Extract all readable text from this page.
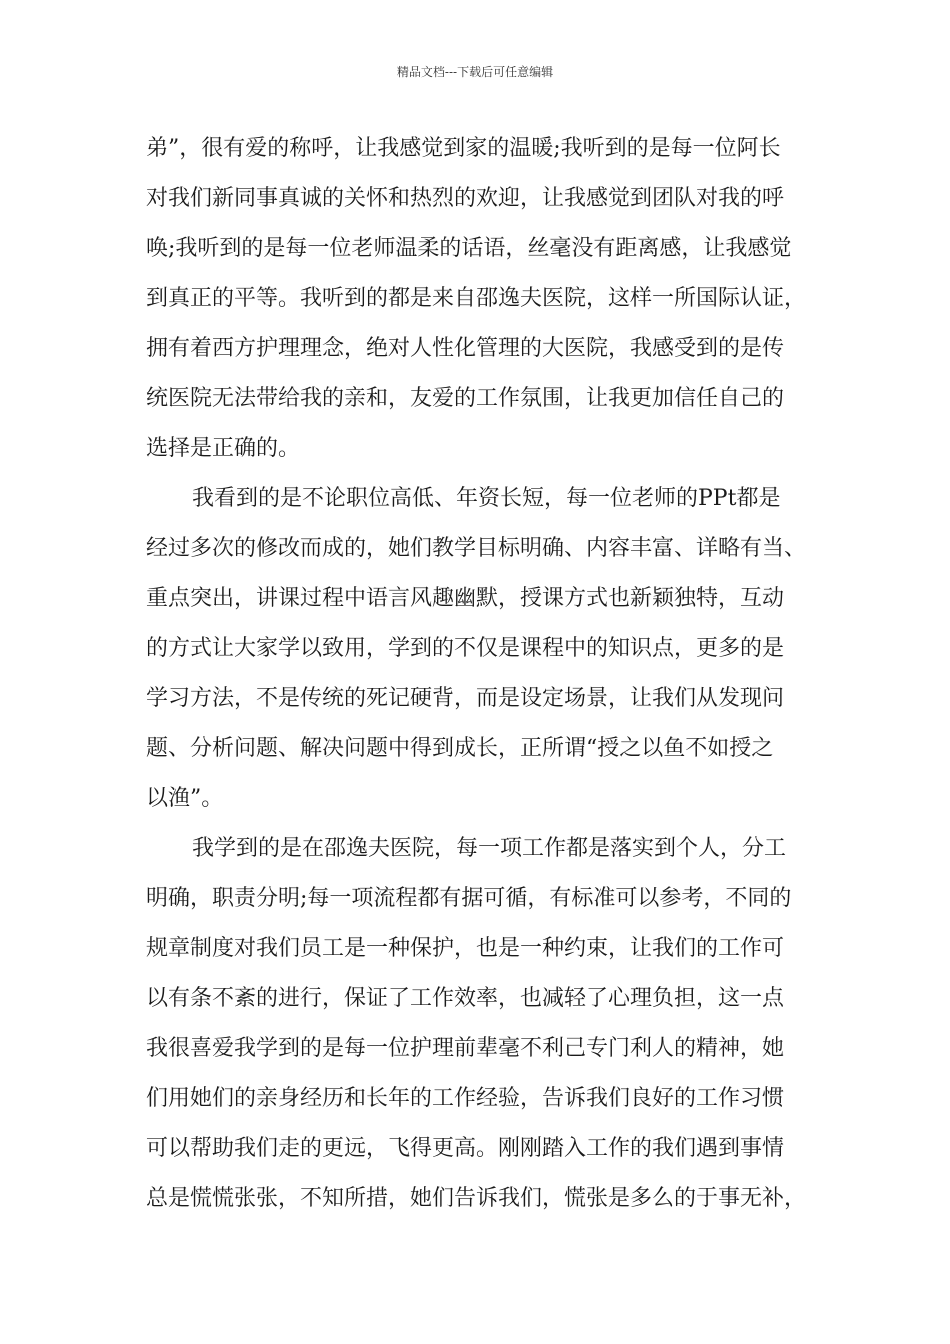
精品文档---下载后可任意编辑
弟”，很有爱的称呼，让我感觉到家的温暖;我听到的是每一位阿长
对我们新同事真诚的关怀和热烈的欢迎，让我感觉到团队对我的呼
唤;我听到的是每一位老师温柔的话语，丝毫没有距离感，让我感觉
到真正的平等。我听到的都是来自邵逸夫医院，这样一所国际认证，
拥有着西方护理理念，绝对人性化管理的大医院，我感受到的是传
统医院无法带给我的亲和，友爱的工作氛围，让我更加信任自己的
选择是正确的。
我看到的是不论职位高低、年资长短，每一位老师的PPt都是
经过多次的修改而成的，她们教学目标明确、内容丰富、详略有当、
重点突出，讲课过程中语言风趣幽默，授课方式也新颖独特，互动
的方式让大家学以致用，学到的不仅是课程中的知识点，更多的是
学习方法，不是传统的死记硬背，而是设定场景，让我们从发现问
题、分析问题、解决问题中得到成长，正所谓“授之以鱼不如授之
以渔”。
我学到的是在邵逸夫医院，每一项工作都是落实到个人，分工
明确，职责分明;每一项流程都有据可循，有标准可以参考，不同的
规章制度对我们员工是一种保护，也是一种约束，让我们的工作可
以有条不紊的进行，保证了工作效率，也减轻了心理负担，这一点
我很喜爱我学到的是每一位护理前辈毫不利己专门利人的精神，她
们用她们的亲身经历和长年的工作经验，告诉我们良好的工作习惯
可以帮助我们走的更远，飞得更高。刚刚踏入工作的我们遇到事情
总是慌慌张张，不知所措，她们告诉我们，慌张是多么的于事无补，
